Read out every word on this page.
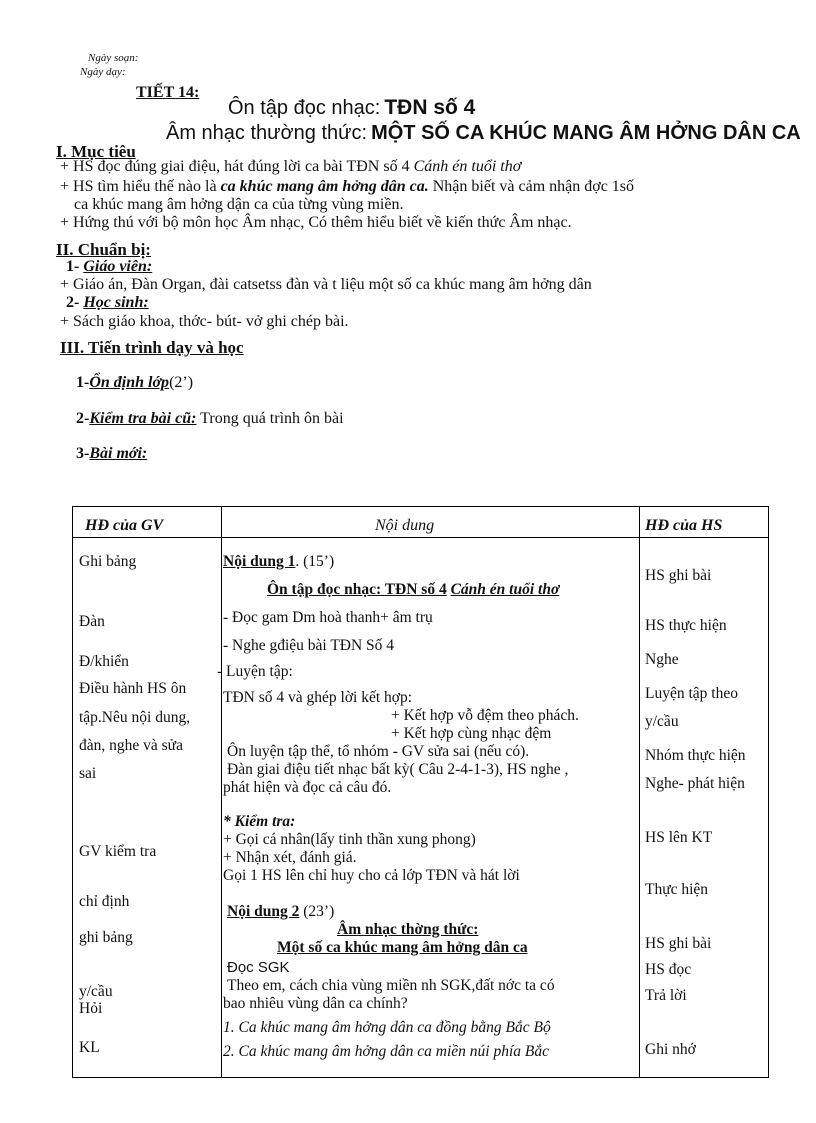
Ngày soạn:
Ngày dạy:
TIẾT 14:
Ôn tập đọc nhạc: TĐN số 4
Âm nhạc thường thức: MỘT SỐ CA KHÚC MANG ÂM HỞNG DÂN CA
I. Mục tiêu
+ HS đọc đúng giai điệu, hát đúng lời ca bài TĐN số 4 Cánh én tuổi thơ
+ HS tìm hiểu thế nào là ca khúc mang âm hởng dân ca. Nhận biết và cảm nhận đợc 1số
ca khúc mang âm hởng dận ca của từng vùng miền.
+ Hứng thú với bộ môn học Âm nhạc, Có thêm hiểu biết về kiến thức Âm nhạc.
II. Chuẩn bị:
1- Giáo viên:
+ Giáo án, Đàn Organ, đài catsetss đàn và t liệu một số ca khúc mang âm hởng dân
2- Học sinh:
+ Sách giáo khoa, thớc- bút- vở ghi chép bài.
III. Tiến trình dạy và học
1-Ổn định lớp(2’)
2-Kiểm tra bài cũ: Trong quá trình ôn bài
3-Bài mới:
HĐ của GV	Nội dung	HĐ của HS
Ghi bảng
Đàn
Đ/khiển
Điều hành HS ôn
tập.Nêu nội dung,
đàn, nghe và sửa
sai
GV kiểm tra
chỉ định
ghi bảng
y/cầu
Hỏi
KL
Nội dung 1. (15’)
Ôn tập đọc nhạc: TĐN số 4 Cánh én tuổi thơ
- Đọc gam Dm hoà thanh+ âm trụ
- Nghe gđiệu bài TĐN Số 4
- Luyện tập:
TĐN số 4 và ghép lời kết hợp:
+ Kết hợp vỗ đệm theo phách.
+ Kết hợp cùng nhạc đệm
Ôn luyện tập thể, tổ nhóm - GV sửa sai (nếu có).
Đàn giai điệu tiết nhạc bất kỳ( Câu 2-4-1-3), HS nghe ,
phát hiện và đọc cả câu đó.
* Kiểm tra:
+ Gọi cá nhân(lấy tinh thần xung phong)
+ Nhận xét, đánh giá.
Gọi 1 HS lên chỉ huy cho cả lớp TĐN và hát lời
Nội dung 2 (23’)
Âm nhạc thờng thức:
Một số ca khúc mang âm hởng dân ca
Đọc SGK
Theo em, cách chia vùng miền nh SGK,đất nớc ta có
bao nhiêu vùng dân ca chính?
1. Ca khúc mang âm hởng dân ca đồng bằng Bắc Bộ
2. Ca khúc mang âm hởng dân ca miền núi phía Bắc
HS ghi bài
HS thực hiện
Nghe
Luyện tập theo
y/cầu
Nhóm thực hiện
Nghe- phát hiện
HS lên KT
Thực hiện
HS ghi bài
HS đọc
Trả lời
Ghi nhớ
